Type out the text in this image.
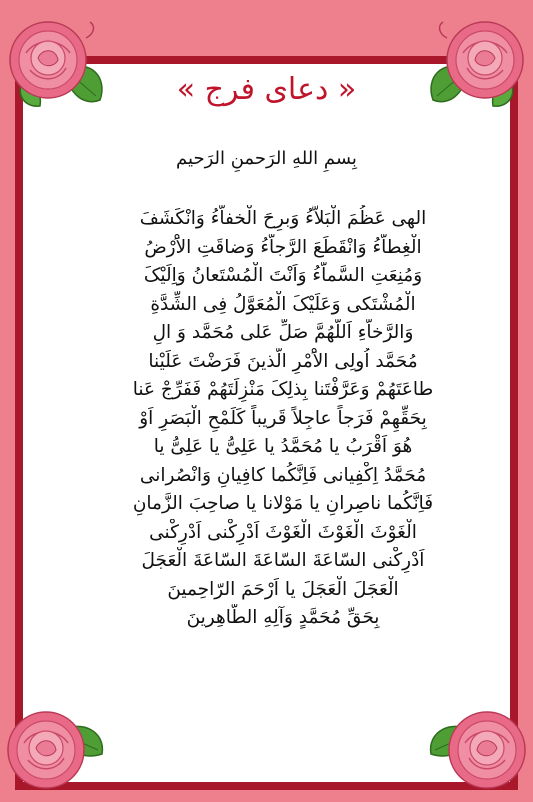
« دعای فرج »
بِسمِ اللهِ الرَحمنِ الرَحیم
الهی عَظُمَ الْبَلاَّءُ وَبرِحَ الْخفاَّءُ وَانْکَشَفَ
الْغِطاَّءُ وَانْقَطَعَ الرَّجاَّءُ وَضاقَتِ الاَْرْضُ
وَمُنِعَتِ السَّماَّءُ وَاَنْتَ الْمُسْتَعانُ وَاِلَیْکَ
الْمُشْتَکی وَعَلَیْکَ الْمُعَوَّلُ فِی الشِّدَّةِ
وَالرَّخاَّءِ اَللّهُمَّ صَلِّ عَلی مُحَمَّد وَ الِ
مُحَمَّد اُولِی الاَْمْرِ الَّذینَ فَرَضْتَ عَلَیْنا
طاعَتَهُمْ وَعَرَّفْتَنا بِذلِکَ مَنْزِلَتَهُمْ فَفَرِّجْ عَنا
بِحَقِّهِمْ فَرَجاً عاجِلاً قَریباً کَلَمْحِ الْبَصَرِ اَوْ
هُوَ اَقْرَبُ یا مُحَمَّدُ یا عَلِیُّ یا عَلِیُّ یا
مُحَمَّدُ اِکْفِیانی فَاِنَّکُما کافِیانِ وَانْصُرانی
فَاِنَّکُما ناصِرانِ یا مَوْلانا یا صاحِبَ الزَّمانِ
الْغَوْثَ الْغَوْثَ الْغَوْثَ اَدْرِکْنی اَدْرِکْنی
اَدْرِکْنی السّاعَةَ السّاعَةَ السّاعَةَ الْعَجَلَ
الْعَجَلَ الْعَجَلَ یا اَرْحَمَ الرّاحِمینَ
بِحَقِّ مُحَمَّدٍ وَآلِهِ الطّاهِرینَ
